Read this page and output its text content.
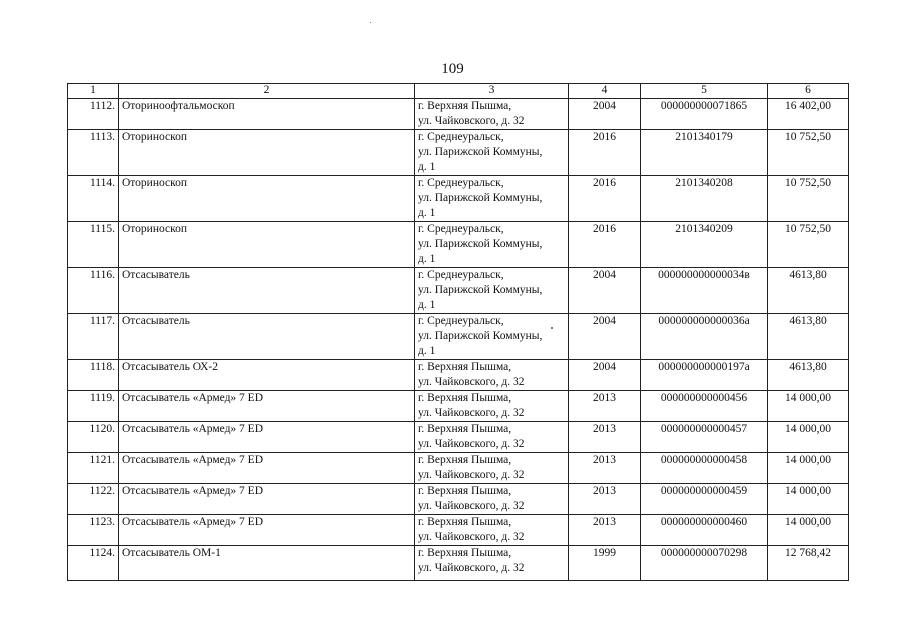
109
1	2	3	4	5	6
1112.	Оториноофтальмоскоп	г. Верхняя Пышма,
ул. Чайковского, д. 32	2004	000000000071865	16 402,00
1113.	Оториноскоп	г. Среднеуральск,
ул. Парижской Коммуны,
д. 1	2016	2101340179	10 752,50
1114.	Оториноскоп	г. Среднеуральск,
ул. Парижской Коммуны,
д. 1	2016	2101340208	10 752,50
1115.	Оториноскоп	г. Среднеуральск,
ул. Парижской Коммуны,
д. 1	2016	2101340209	10 752,50
1116.	Отсасыватель	г. Среднеуральск,
ул. Парижской Коммуны,
д. 1	2004	000000000000034в	4613,80
1117.	Отсасыватель	г. Среднеуральск,
ул. Парижской Коммуны,
д. 1	2004	000000000000036а	4613,80
1118.	Отсасыватель ОХ-2	г. Верхняя Пышма,
ул. Чайковского, д. 32	2004	000000000000197а	4613,80
1119.	Отсасыватель «Армед» 7 ED	г. Верхняя Пышма,
ул. Чайковского, д. 32	2013	000000000000456	14 000,00
1120.	Отсасыватель «Армед» 7 ED	г. Верхняя Пышма,
ул. Чайковского, д. 32	2013	000000000000457	14 000,00
1121.	Отсасыватель «Армед» 7 ED	г. Верхняя Пышма,
ул. Чайковского, д. 32	2013	000000000000458	14 000,00
1122.	Отсасыватель «Армед» 7 ED	г. Верхняя Пышма,
ул. Чайковского, д. 32	2013	000000000000459	14 000,00
1123.	Отсасыватель «Армед» 7 ED	г. Верхняя Пышма,
ул. Чайковского, д. 32	2013	000000000000460	14 000,00
1124.	Отсасыватель ОМ-1	г. Верхняя Пышма,
ул. Чайковского, д. 32	1999	000000000070298	12 768,42
